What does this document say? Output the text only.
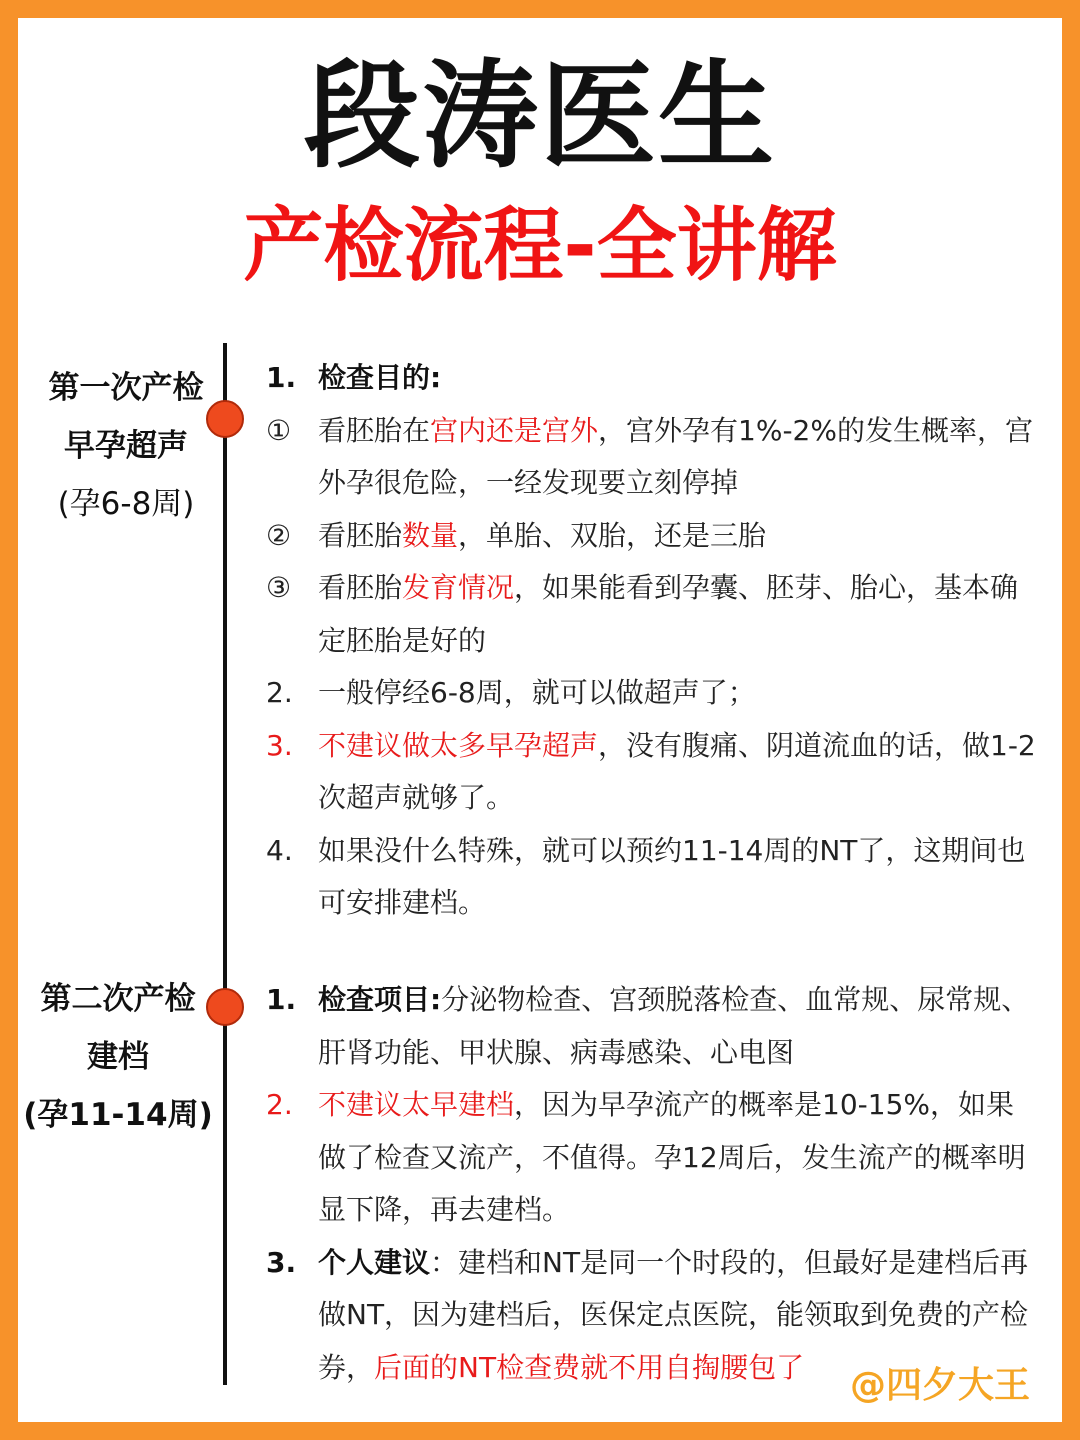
段涛医生
产检流程-全讲解
第一次产检
早孕超声
(孕6-8周)
1. 检查目的:
① 看胚胎在宫内还是宫外，宫外孕有1%-2%的发生概率，宫外孕很危险，一经发现要立刻停掉
② 看胚胎数量，单胎、双胎，还是三胎
③ 看胚胎发育情况，如果能看到孕囊、胚芽、胎心，基本确定胚胎是好的
2. 一般停经6-8周，就可以做超声了；
3. 不建议做太多早孕超声，没有腹痛、阴道流血的话，做1-2次超声就够了。
4. 如果没什么特殊，就可以预约11-14周的NT了，这期间也可安排建档。
第二次产检
建档
(孕11-14周)
1. 检查项目:分泌物检查、宫颈脱落检查、血常规、尿常规、肝肾功能、甲状腺、病毒感染、心电图
2. 不建议太早建档，因为早孕流产的概率是10-15%，如果做了检查又流产，不值得。孕12周后，发生流产的概率明显下降，再去建档。
3. 个人建议：建档和NT是同一个时段的，但最好是建档后再做NT，因为建档后，医保定点医院，能领取到免费的产检券，后面的NT检查费就不用自掏腰包了	@四夕大王
